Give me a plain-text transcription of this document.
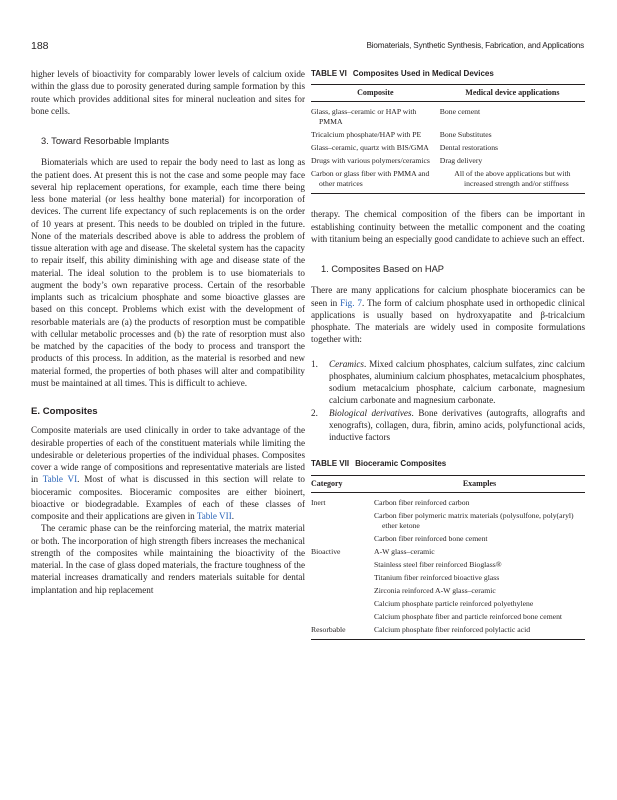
188	Biomaterials, Synthetic Synthesis, Fabrication, and Applications

higher levels of bioactivity for comparably lower levels of calcium oxide within the glass due to porosity generated during sample formation by this route which provides additional sites for mineral nucleation and sites for bone cells.

3. Toward Resorbable Implants

Biomaterials which are used to repair the body need to last as long as the patient does. At present this is not the case and some people may face several hip replacement operations, for example, each time there being less bone material (or less healthy bone material) for incorporation of devices. The current life expectancy of such replacements is on the order of 10 years at present. This needs to be doubled on tripled in the future. None of the materials described above is able to address the problem of tissue alteration with age and disease. The skeletal system has the capacity to repair itself, this ability diminishing with age and disease state of the material. The ideal solution to the problem is to use biomaterials to augment the body’s own reparative process. Certain of the resorbable implants such as tricalcium phosphate and some bioactive glasses are based on this concept. Problems which exist with the development of resorbable materials are (a) the products of resorption must be compatible with cellular metabolic processes and (b) the rate of resorption must also be matched by the capacities of the body to process and transport the products of this process. In addition, as the material is resorbed and new material formed, the properties of both phases will alter and compatibility must be maintained at all times. This is difficult to achieve.

E. Composites

Composite materials are used clinically in order to take advantage of the desirable properties of each of the constituent materials while limiting the undesirable or deleterious properties of the individual phases. Composites cover a wide range of compositions and representative materials are listed in Table VI. Most of what is discussed in this section will relate to bioceramic composites. Bioceramic composites are either bioinert, bioactive or biodegradable. Examples of each of these classes of composite and their applications are given in Table VII.

The ceramic phase can be the reinforcing material, the matrix material or both. The incorporation of high strength fibers increases the mechanical strength of the composites while maintaining the bioactivity of the material. In the case of glass doped materials, the fracture toughness of the material increases dramatically and renders materials suitable for dental implantation and hip replacement

TABLE VI Composites Used in Medical Devices
Composite	Medical device applications

Glass, glass–ceramic or HAP with PMMA	Bone cement

Tricalcium phosphate/HAP with PE	Bone Substitutes

Glass–ceramic, quartz with BIS/GMA	Dental restorations

Drugs with various polymers/ceramics	Drag delivery

Carbon or glass fiber with PMMA and other matrices	All of the above applications but with increased strength and/or stiffness

therapy. The chemical composition of the fibers can be important in establishing continuity between the metallic component and the coating with titanium being an especially good candidate to achieve such an effect.

1. Composites Based on HAP

There are many applications for calcium phosphate bioceramics can be seen in Fig. 7. The form of calcium phosphate used in orthopedic clinical applications is usually based on hydroxyapatite and β-tricalcium phosphate. The materials are widely used in composite formulations together with:

1. Ceramics. Mixed calcium phosphates, calcium sulfates, zinc calcium phosphates, aluminium calcium phosphates, metacalcium phosphates, sodium metacalcium phosphate, calcium carbonate, magnesium calcium carbonate and magnesium carbonate.
2. Biological derivatives. Bone derivatives (autografts, allografts and xenografts), collagen, dura, fibrin, amino acids, polyfunctional acids, inductive factors
TABLE VII Bioceramic Composites
Category	Examples
Inert	Carbon fiber reinforced carbon

	Carbon fiber polymeric matrix materials (polysulfone, poly(aryl) ether ketone

	Carbon fiber reinforced bone cement

Bioactive	A-W glass–ceramic

	Stainless steel fiber reinforced Bioglass®

	Titanium fiber reinforced bioactive glass

	Zirconia reinforced A-W glass–ceramic

	Calcium phosphate particle reinforced polyethylene

	Calcium phosphate fiber and particle reinforced bone cement

Resorbable	Calcium phosphate fiber reinforced polylactic acid
